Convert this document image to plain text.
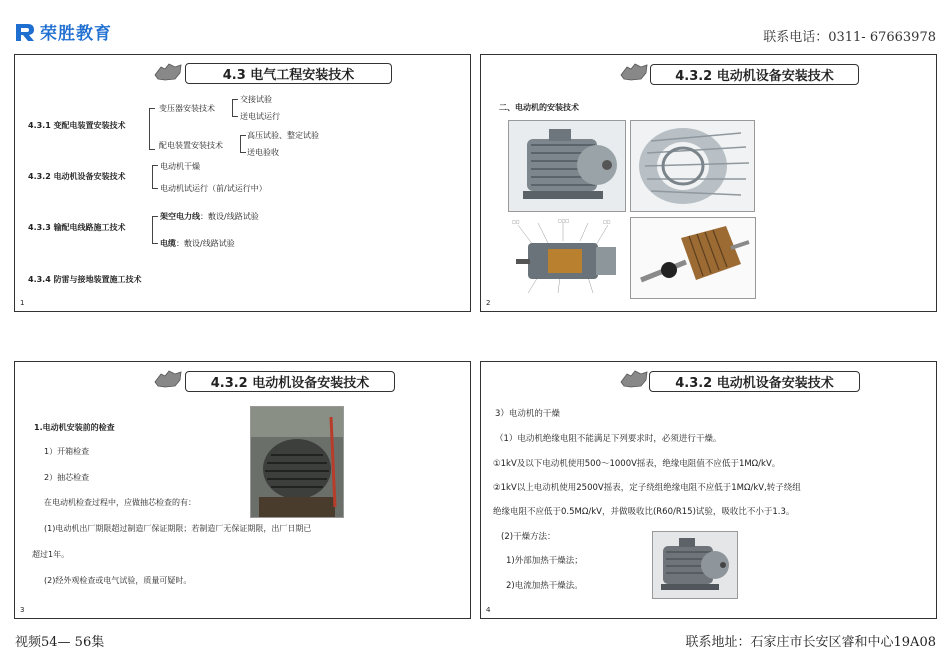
荣胜教育	联系电话：0311- 67663978
4.3 电气工程安装技术
4.3.1 变配电装置安装技术
变压器安装技术
交接试验
送电试运行
配电装置安装技术
高压试验、整定试验
送电验收
4.3.2 电动机设备安装技术
电动机干燥
电动机试运行（前/试运行中）
4.3.3 输配电线路施工技术
架空电力线：敷设/线路试验
电缆：敷设/线路试验
4.3.4 防雷与接地装置施工技术
1
4.3.2 电动机设备安装技术
二、电动机的安装技术
□□	□□□	□□
2
4.3.2 电动机设备安装技术
1.电动机安装前的检查
1）开箱检查
2）抽芯检查
在电动机检查过程中，应做抽芯检查的有：
(1)电动机出厂期限超过制造厂保证期限；若制造厂无保证期限，出厂日期已
超过1年。
(2)经外观检查或电气试验，质量可疑时。
3
4.3.2 电动机设备安装技术
3）电动机的干燥
（1）电动机绝缘电阻不能满足下列要求时，必须进行干燥。
①1kV及以下电动机使用500～1000V摇表，绝缘电阻值不应低于1MΩ/kV。
②1kV以上电动机使用2500V摇表，定子绕组绝缘电阻不应低于1MΩ/kV,转子绕组
绝缘电阻不应低于0.5MΩ/kV，并做吸收比(R60/R15)试验，吸收比不小于1.3。
(2)干燥方法：
1)外部加热干燥法；
2)电流加热干燥法。
4
视频54— 56集	联系地址：石家庄市长安区睿和中心19A08
